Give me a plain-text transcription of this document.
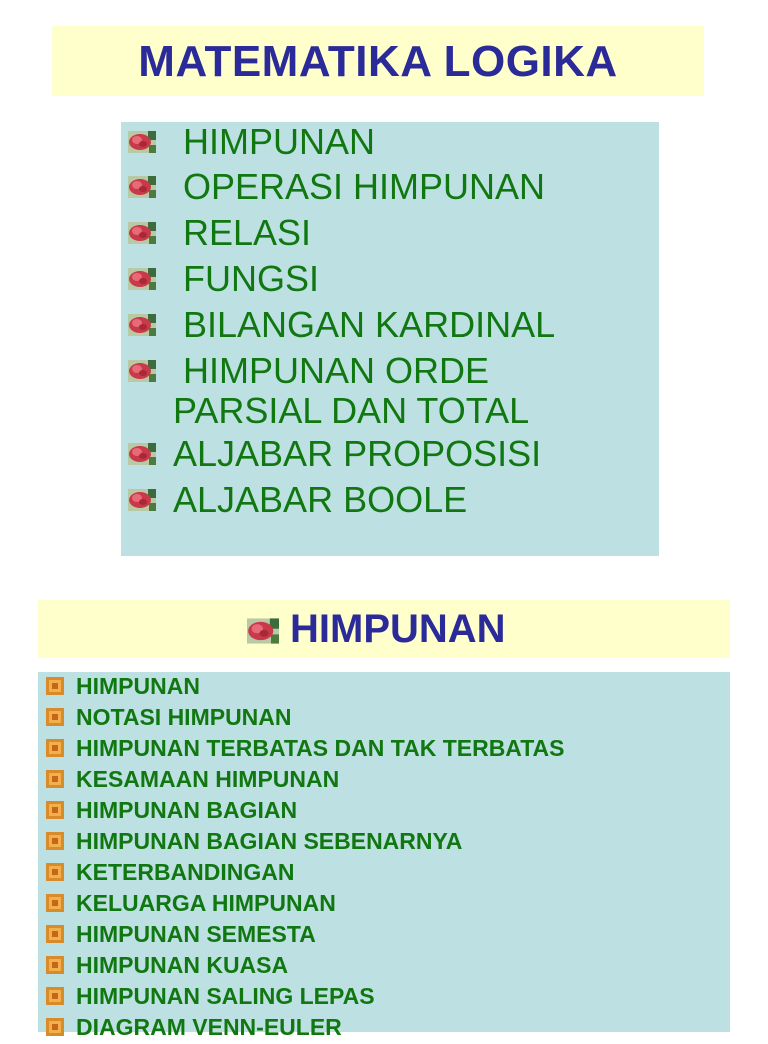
MATEMATIKA LOGIKA
HIMPUNAN
OPERASI HIMPUNAN
RELASI
FUNGSI
BILANGAN KARDINAL
HIMPUNAN ORDE
PARSIAL DAN TOTAL
ALJABAR PROPOSISI
ALJABAR BOOLE
HIMPUNAN
HIMPUNAN
NOTASI HIMPUNAN
HIMPUNAN TERBATAS DAN TAK TERBATAS
KESAMAAN HIMPUNAN
HIMPUNAN BAGIAN
HIMPUNAN BAGIAN SEBENARNYA
KETERBANDINGAN
KELUARGA HIMPUNAN
HIMPUNAN SEMESTA
HIMPUNAN KUASA
HIMPUNAN SALING LEPAS
DIAGRAM VENN-EULER
